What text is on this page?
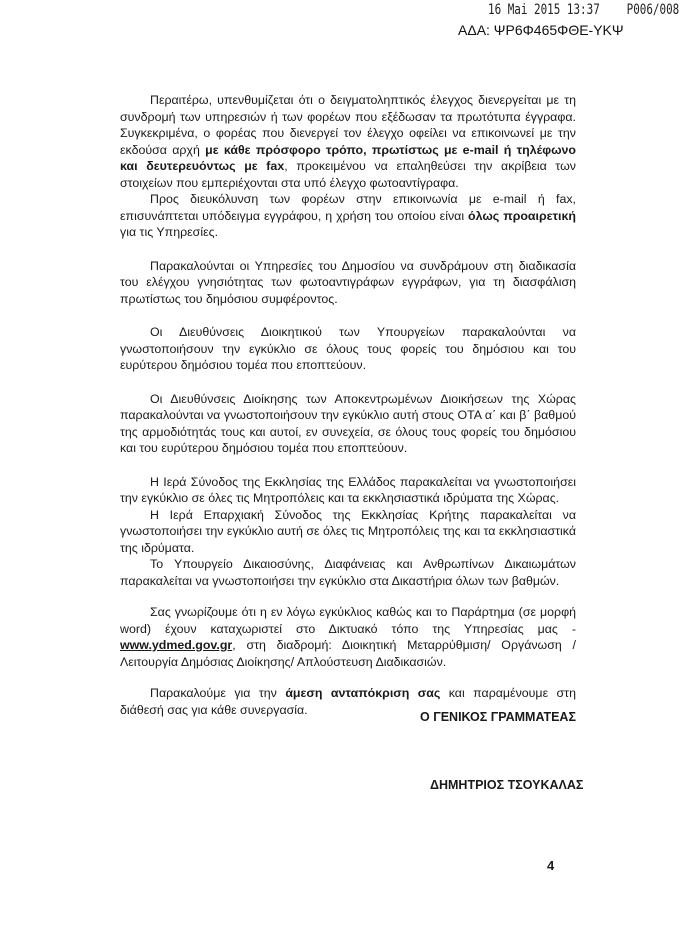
16 Mai 2015 13:37 P006/008
ΑΔΑ: ΨΡ6Φ465ΦΘΕ-ΥΚΨ

Περαιτέρω, υπενθυμίζεται ότι ο δειγματοληπτικός έλεγχος διενεργείται με τη συνδρομή των υπηρεσιών ή των φορέων που εξέδωσαν τα πρωτότυπα έγγραφα. Συγκεκριμένα, ο φορέας που διενεργεί τον έλεγχο οφείλει να επικοινωνεί με την εκδούσα αρχή με κάθε πρόσφορο τρόπο, πρωτίστως με e-mail ή τηλέφωνο και δευτερευόντως με fax, προκειμένου να επαληθεύσει την ακρίβεια των στοιχείων που εμπεριέχονται στα υπό έλεγχο φωτοαντίγραφα.

Προς διευκόλυνση των φορέων στην επικοινωνία με e-mail ή fax, επισυνάπτεται υπόδειγμα εγγράφου, η χρήση του οποίου είναι όλως προαιρετική για τις Υπηρεσίες.

Παρακαλούνται οι Υπηρεσίες του Δημοσίου να συνδράμουν στη διαδικασία του ελέγχου γνησιότητας των φωτοαντιγράφων εγγράφων, για τη διασφάλιση πρωτίστως του δημόσιου συμφέροντος.

Οι Διευθύνσεις Διοικητικού των Υπουργείων παρακαλούνται να γνωστοποιήσουν την εγκύκλιο σε όλους τους φορείς του δημόσιου και του ευρύτερου δημόσιου τομέα που εποπτεύουν.

Οι Διευθύνσεις Διοίκησης των Αποκεντρωμένων Διοικήσεων της Χώρας παρακαλούνται να γνωστοποιήσουν την εγκύκλιο αυτή στους ΟΤΑ α΄ και β΄ βαθμού της αρμοδιότητάς τους και αυτοί, εν συνεχεία, σε όλους τους φορείς του δημόσιου και του ευρύτερου δημόσιου τομέα που εποπτεύουν.

Η Ιερά Σύνοδος της Εκκλησίας της Ελλάδος παρακαλείται να γνωστοποιήσει την εγκύκλιο σε όλες τις Μητροπόλεις και τα εκκλησιαστικά ιδρύματα της Χώρας.

Η Ιερά Επαρχιακή Σύνοδος της Εκκλησίας Κρήτης παρακαλείται να γνωστοποιήσει την εγκύκλιο αυτή σε όλες τις Μητροπόλεις της και τα εκκλησιαστικά της ιδρύματα.

Το Υπουργείο Δικαιοσύνης, Διαφάνειας και Ανθρωπίνων Δικαιωμάτων παρακαλείται να γνωστοποιήσει την εγκύκλιο στα Δικαστήρια όλων των βαθμών.

Σας γνωρίζουμε ότι η εν λόγω εγκύκλιος καθώς και το Παράρτημα (σε μορφή word) έχουν καταχωριστεί στο Δικτυακό τόπο της Υπηρεσίας μας - www.ydmed.gov.gr, στη διαδρομή: Διοικητική Μεταρρύθμιση/ Οργάνωση /Λειτουργία Δημόσιας Διοίκησης/ Απλούστευση Διαδικασιών.

Παρακαλούμε για την άμεση ανταπόκριση σας και παραμένουμε στη διάθεσή σας για κάθε συνεργασία.

Ο ΓΕΝΙΚΟΣ ΓΡΑΜΜΑΤΕΑΣ
ΔΗΜΗΤΡΙΟΣ ΤΣΟΥΚΑΛΑΣ
4
